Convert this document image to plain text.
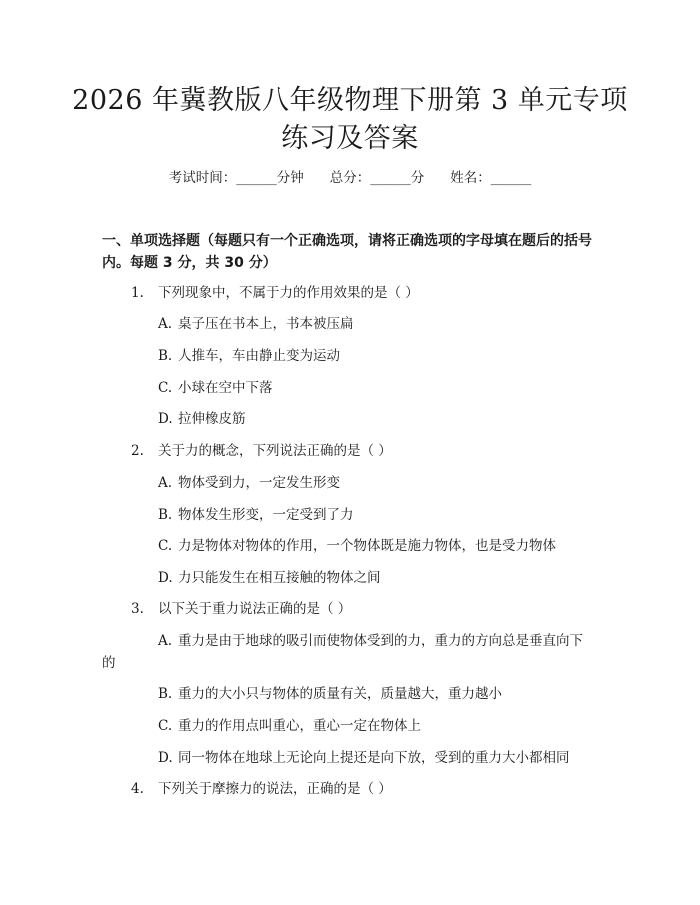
2026 年冀教版八年级物理下册第 3 单元专项
练习及答案
考试时间：______分钟 总分：______分 姓名：______
一、单项选择题（每题只有一个正确选项，请将正确选项的字母填在题后的括号
内。每题 3 分，共 30 分）
1. 下列现象中，不属于力的作用效果的是（ ）
A. 桌子压在书本上，书本被压扁
B. 人推车，车由静止变为运动
C. 小球在空中下落
D. 拉伸橡皮筋
2. 关于力的概念，下列说法正确的是（ ）
A. 物体受到力，一定发生形变
B. 物体发生形变，一定受到了力
C. 力是物体对物体的作用，一个物体既是施力物体，也是受力物体
D. 力只能发生在相互接触的物体之间
3. 以下关于重力说法正确的是（ ）
A. 重力是由于地球的吸引而使物体受到的力，重力的方向总是垂直向下
的
B. 重力的大小只与物体的质量有关，质量越大，重力越小
C. 重力的作用点叫重心，重心一定在物体上
D. 同一物体在地球上无论向上提还是向下放，受到的重力大小都相同
4. 下列关于摩擦力的说法，正确的是（ ）
